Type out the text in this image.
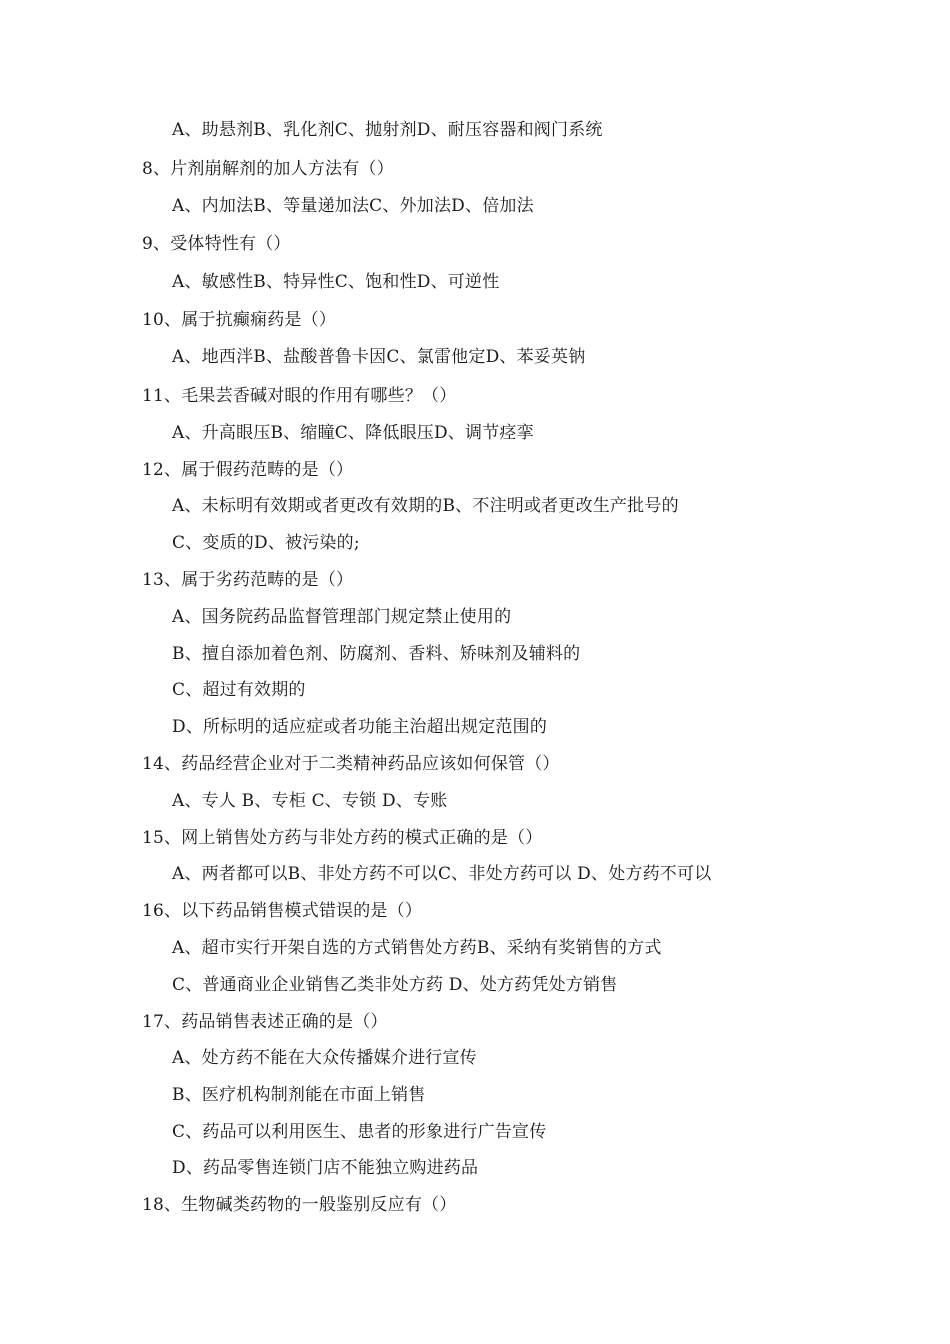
A、助悬剂B、乳化剂C、抛射剂D、耐压容器和阀门系统
8、片剂崩解剂的加人方法有（）
A、内加法B、等量递加法C、外加法D、倍加法
9、受体特性有（）
A、敏感性B、特异性C、饱和性D、可逆性
10、属于抗癫痫药是（）
A、地西泮B、盐酸普鲁卡因C、氯雷他定D、苯妥英钠
11、毛果芸香碱对眼的作用有哪些？（）
A、升高眼压B、缩瞳C、降低眼压D、调节痉挛
12、属于假药范畴的是（）
A、未标明有效期或者更改有效期的B、不注明或者更改生产批号的
C、变质的D、被污染的;
13、属于劣药范畴的是（）
A、国务院药品监督管理部门规定禁止使用的
B、擅自添加着色剂、防腐剂、香料、矫味剂及辅料的
C、超过有效期的
D、所标明的适应症或者功能主治超出规定范围的
14、药品经营企业对于二类精神药品应该如何保管（）
A、专人 B、专柜 C、专锁 D、专账
15、网上销售处方药与非处方药的模式正确的是（）
A、两者都可以B、非处方药不可以C、非处方药可以 D、处方药不可以
16、以下药品销售模式错误的是（）
A、超市实行开架自选的方式销售处方药B、采纳有奖销售的方式
C、普通商业企业销售乙类非处方药 D、处方药凭处方销售
17、药品销售表述正确的是（）
A、处方药不能在大众传播媒介进行宣传
B、医疗机构制剂能在市面上销售
C、药品可以利用医生、患者的形象进行广告宣传
D、药品零售连锁门店不能独立购进药品
18、生物碱类药物的一般鉴别反应有（）
